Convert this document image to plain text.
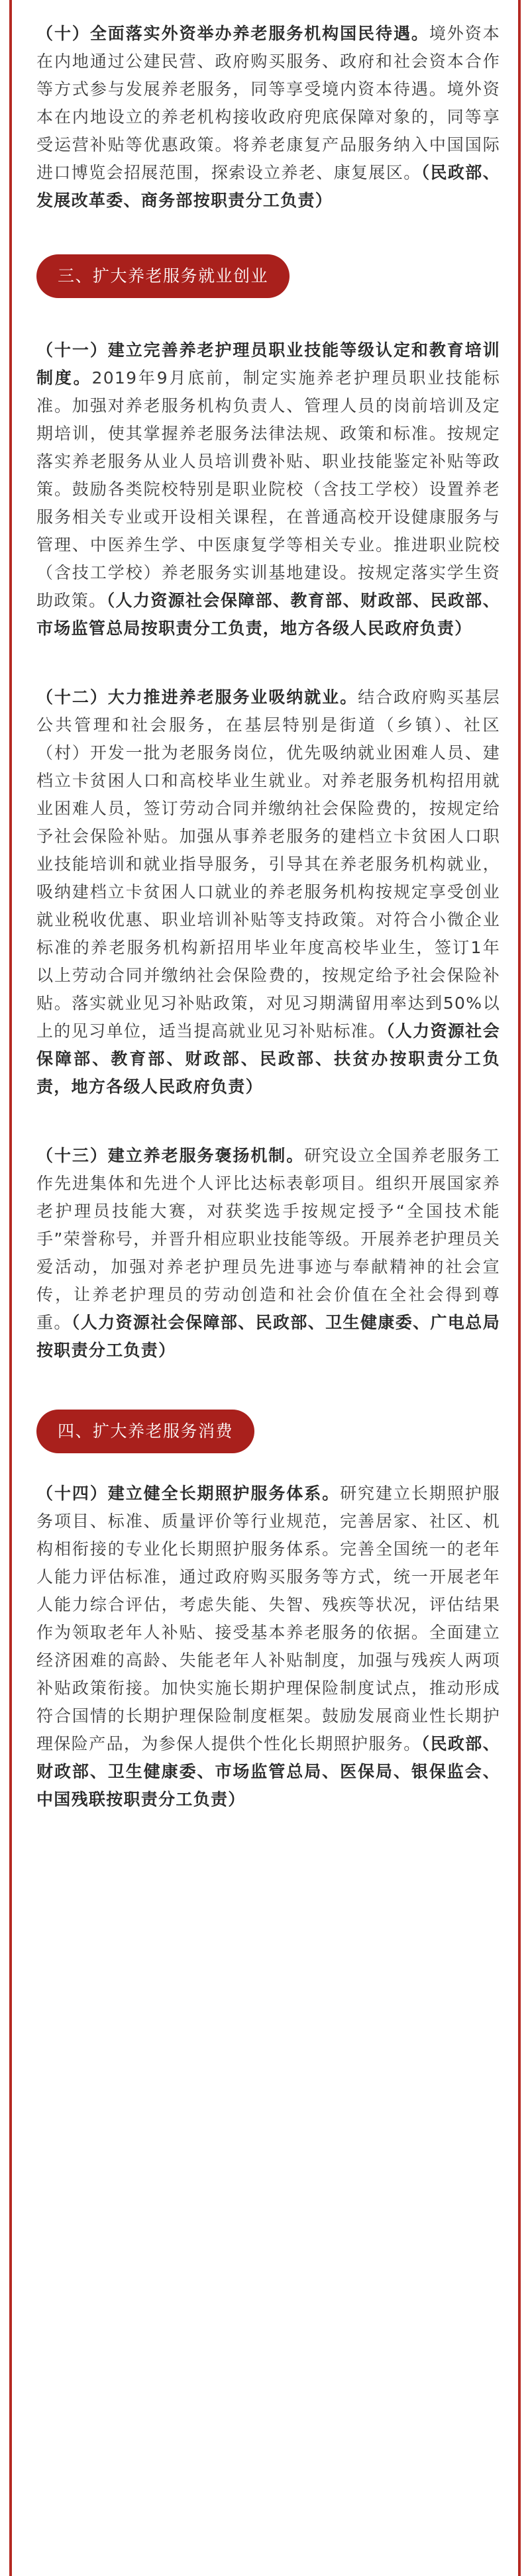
（十）全面落实外资举办养老服务机构国民待遇。境外资本在内地通过公建民营、政府购买服务、政府和社会资本合作等方式参与发展养老服务，同等享受境内资本待遇。境外资本在内地设立的养老机构接收政府兜底保障对象的，同等享受运营补贴等优惠政策。将养老康复产品服务纳入中国国际进口博览会招展范围，探索设立养老、康复展区。（民政部、发展改革委、商务部按职责分工负责）

三、扩大养老服务就业创业

（十一）建立完善养老护理员职业技能等级认定和教育培训制度。2019年9月底前，制定实施养老护理员职业技能标准。加强对养老服务机构负责人、管理人员的岗前培训及定期培训，使其掌握养老服务法律法规、政策和标准。按规定落实养老服务从业人员培训费补贴、职业技能鉴定补贴等政策。鼓励各类院校特别是职业院校（含技工学校）设置养老服务相关专业或开设相关课程，在普通高校开设健康服务与管理、中医养生学、中医康复学等相关专业。推进职业院校（含技工学校）养老服务实训基地建设。按规定落实学生资助政策。（人力资源社会保障部、教育部、财政部、民政部、市场监管总局按职责分工负责，地方各级人民政府负责）

（十二）大力推进养老服务业吸纳就业。结合政府购买基层公共管理和社会服务，在基层特别是街道（乡镇）、社区（村）开发一批为老服务岗位，优先吸纳就业困难人员、建档立卡贫困人口和高校毕业生就业。对养老服务机构招用就业困难人员，签订劳动合同并缴纳社会保险费的，按规定给予社会保险补贴。加强从事养老服务的建档立卡贫困人口职业技能培训和就业指导服务，引导其在养老服务机构就业，吸纳建档立卡贫困人口就业的养老服务机构按规定享受创业就业税收优惠、职业培训补贴等支持政策。对符合小微企业标准的养老服务机构新招用毕业年度高校毕业生，签订1年以上劳动合同并缴纳社会保险费的，按规定给予社会保险补贴。落实就业见习补贴政策，对见习期满留用率达到50%以上的见习单位，适当提高就业见习补贴标准。（人力资源社会保障部、教育部、财政部、民政部、扶贫办按职责分工负责，地方各级人民政府负责）

（十三）建立养老服务褒扬机制。研究设立全国养老服务工作先进集体和先进个人评比达标表彰项目。组织开展国家养老护理员技能大赛，对获奖选手按规定授予“全国技术能手”荣誉称号，并晋升相应职业技能等级。开展养老护理员关爱活动，加强对养老护理员先进事迹与奉献精神的社会宣传，让养老护理员的劳动创造和社会价值在全社会得到尊重。（人力资源社会保障部、民政部、卫生健康委、广电总局按职责分工负责）

四、扩大养老服务消费

（十四）建立健全长期照护服务体系。研究建立长期照护服务项目、标准、质量评价等行业规范，完善居家、社区、机构相衔接的专业化长期照护服务体系。完善全国统一的老年人能力评估标准，通过政府购买服务等方式，统一开展老年人能力综合评估，考虑失能、失智、残疾等状况，评估结果作为领取老年人补贴、接受基本养老服务的依据。全面建立经济困难的高龄、失能老年人补贴制度，加强与残疾人两项补贴政策衔接。加快实施长期护理保险制度试点，推动形成符合国情的长期护理保险制度框架。鼓励发展商业性长期护理保险产品，为参保人提供个性化长期照护服务。（民政部、财政部、卫生健康委、市场监管总局、医保局、银保监会、中国残联按职责分工负责）
